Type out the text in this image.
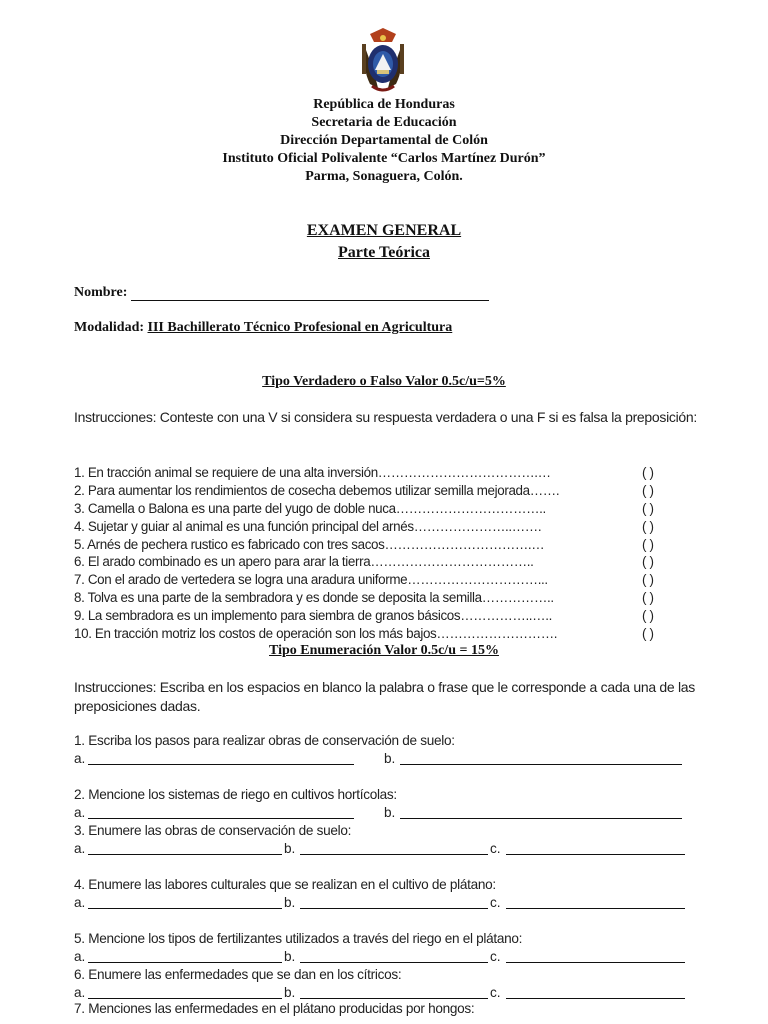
República de Honduras
Secretaria de Educación
Dirección Departamental de Colón
Instituto Oficial Polivalente “Carlos Martínez Durón”
Parma, Sonaguera, Colón.
EXAMEN GENERAL
Parte Teórica
Nombre:
Modalidad: III Bachillerato Técnico Profesional en Agricultura
Tipo Verdadero o Falso Valor 0.5c/u=5%
Instrucciones: Conteste con una V si considera su respuesta verdadera o una F si es falsa la preposición:
1. En tracción animal se requiere de una alta inversión……………………………….…	( )
2. Para aumentar los rendimientos de cosecha debemos utilizar semilla mejorada…….	( )
3. Camella o Balona es una parte del yugo de doble nuca……………………………..	( )
4. Sujetar y guiar al animal es una función principal del arnés…………………..…….	( )
5. Arnés de pechera rustico es fabricado con tres sacos…………………………….…	( )
6. El arado combinado es un apero para arar la tierra………………………………..	( )
7. Con el arado de vertedera se logra una aradura uniforme…………………………...	( )
8. Tolva es una parte de la sembradora y es donde se deposita la semilla……………..	( )
9. La sembradora es un implemento para siembra de granos básicos……………..…..	( )
10. En tracción motriz los costos de operación son los más bajos……………………….	( )
Tipo Enumeración Valor 0.5c/u = 15%
Instrucciones: Escriba en los espacios en blanco la palabra o frase que le corresponde a cada una de las preposiciones dadas.
1. Escriba los pasos para realizar obras de conservación de suelo:
a.	b.
2. Mencione los sistemas de riego en cultivos hortícolas:
a.	b.
3. Enumere las obras de conservación de suelo:
a.	b.	c.
4. Enumere las labores culturales que se realizan en el cultivo de plátano:
a.	b.	c.
5. Mencione los tipos de fertilizantes utilizados a través del riego en el plátano:
a.	b.	c.
6. Enumere las enfermedades que se dan en los cítricos:
a.	b.	c.
7. Menciones las enfermedades en el plátano producidas por hongos:
